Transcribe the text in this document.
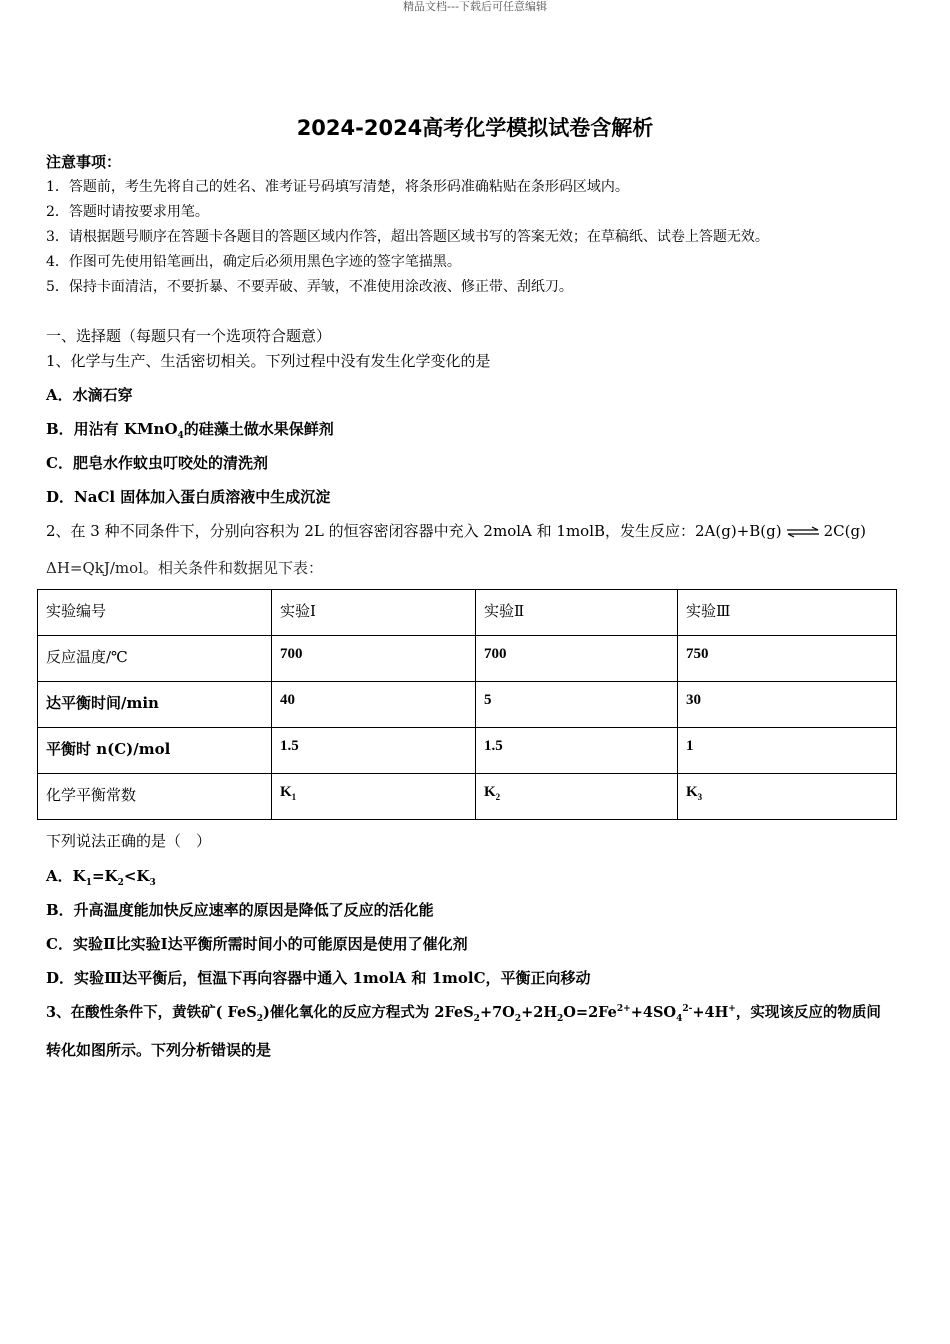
精品文档---下载后可任意编辑
2024-2024高考化学模拟试卷含解析
注意事项：
1．答题前，考生先将自己的姓名、准考证号码填写清楚，将条形码准确粘贴在条形码区域内。
2．答题时请按要求用笔。
3．请根据题号顺序在答题卡各题目的答题区域内作答，超出答题区域书写的答案无效；在草稿纸、试卷上答题无效。
4．作图可先使用铅笔画出，确定后必须用黑色字迹的签字笔描黑。
5．保持卡面清洁，不要折暴、不要弄破、弄皱，不准使用涂改液、修正带、刮纸刀。
一、选择题（每题只有一个选项符合题意）
1、化学与生产、生活密切相关。下列过程中没有发生化学变化的是
A．水滴石穿
B．用沾有 KMnO$_4$的硅藻土做水果保鲜剂
C．肥皂水作蚊虫叮咬处的清洗剂
D．NaCl 固体加入蛋白质溶液中生成沉淀
2、在 3 种不同条件下，分别向容积为 2L 的恒容密闭容器中充入 2molA 和 1molB，发生反应：2A(g)+B(g) ⇌ 2C(g)
ΔH=QkJ/mol。相关条件和数据见下表：
实验编号	实验Ⅰ	实验Ⅱ	实验Ⅲ
反应温度/℃	700	700	750
达平衡时间/min	40	5	30
平衡时 n(C)/mol	1.5	1.5	1
化学平衡常数	$K_1$	$K_2$	$K_3$
下列说法正确的是（　）
A．$K_1=K_2<K_3$
B．升高温度能加快反应速率的原因是降低了反应的活化能
C．实验Ⅱ比实验Ⅰ达平衡所需时间小的可能原因是使用了催化剂
D．实验Ⅲ达平衡后，恒温下再向容器中通入 1molA 和 1molC，平衡正向移动
3、在酸性条件下，黄铁矿( FeS$_2$)催化氧化的反应方程式为 $2FeS_2+7O_2+2H_2O=2Fe^{2+}+4SO_4^{2-}+4H^+$，实现该反应的物质间
转化如图所示。下列分析错误的是
